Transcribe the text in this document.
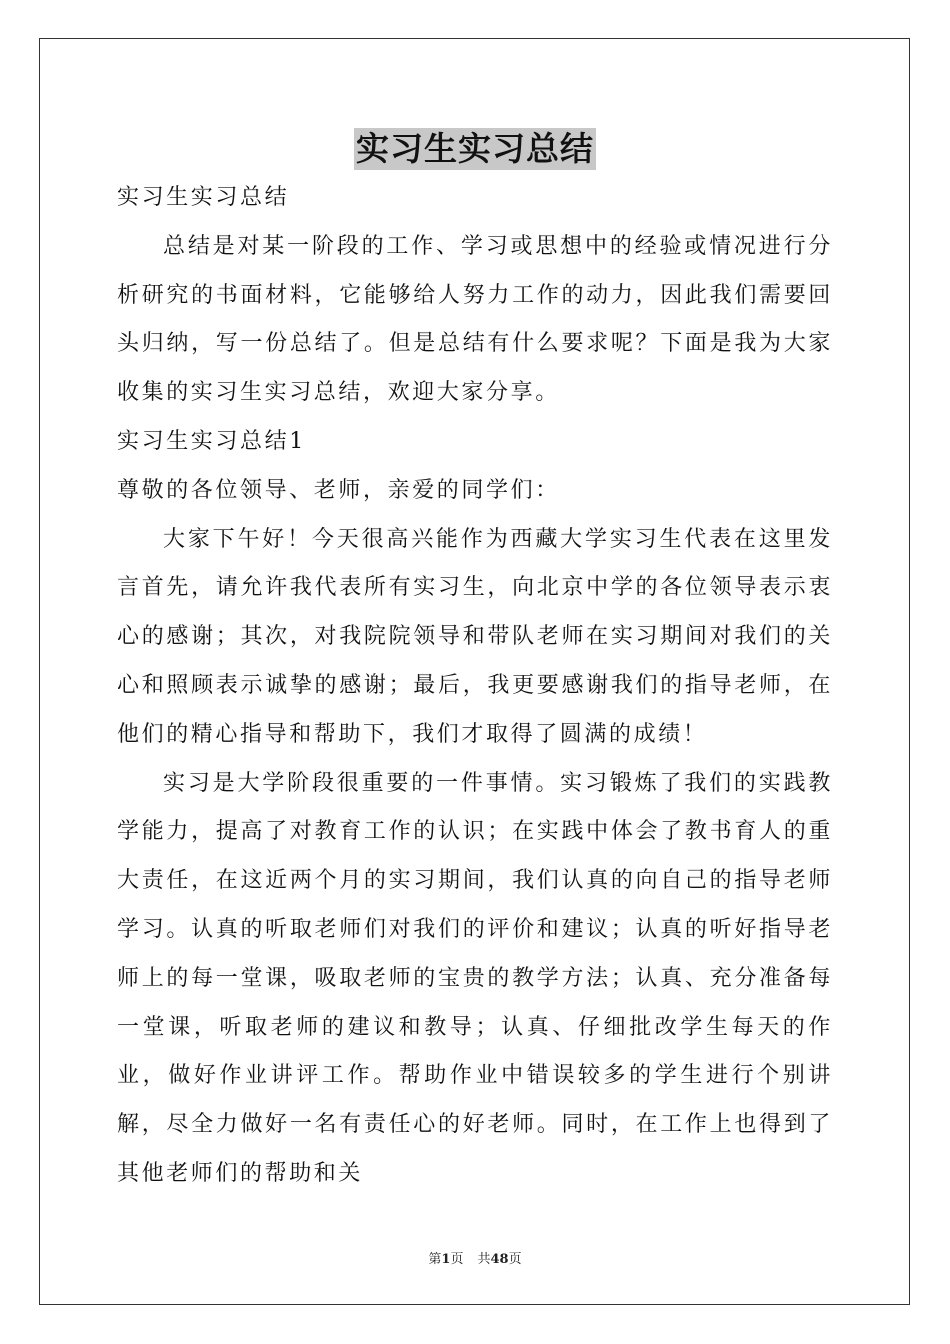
实习生实习总结

实习生实习总结

总结是对某一阶段的工作、学习或思想中的经验或情况进行分析研究的书面材料，它能够给人努力工作的动力，因此我们需要回头归纳，写一份总结了。但是总结有什么要求呢？下面是我为大家收集的实习生实习总结，欢迎大家分享。

实习生实习总结1

尊敬的各位领导、老师，亲爱的同学们：

大家下午好！今天很高兴能作为西藏大学实习生代表在这里发言首先，请允许我代表所有实习生，向北京中学的各位领导表示衷心的感谢；其次，对我院院领导和带队老师在实习期间对我们的关心和照顾表示诚挚的感谢；最后，我更要感谢我们的指导老师，在他们的精心指导和帮助下，我们才取得了圆满的成绩！

实习是大学阶段很重要的一件事情。实习锻炼了我们的实践教学能力，提高了对教育工作的认识；在实践中体会了教书育人的重大责任，在这近两个月的实习期间，我们认真的向自己的指导老师学习。认真的听取老师们对我们的评价和建议；认真的听好指导老师上的每一堂课，吸取老师的宝贵的教学方法；认真、充分准备每一堂课，听取老师的建议和教导；认真、仔细批改学生每天的作业，做好作业讲评工作。帮助作业中错误较多的学生进行个别讲解，尽全力做好一名有责任心的好老师。同时，在工作上也得到了其他老师们的帮助和关

第1页 共48页
